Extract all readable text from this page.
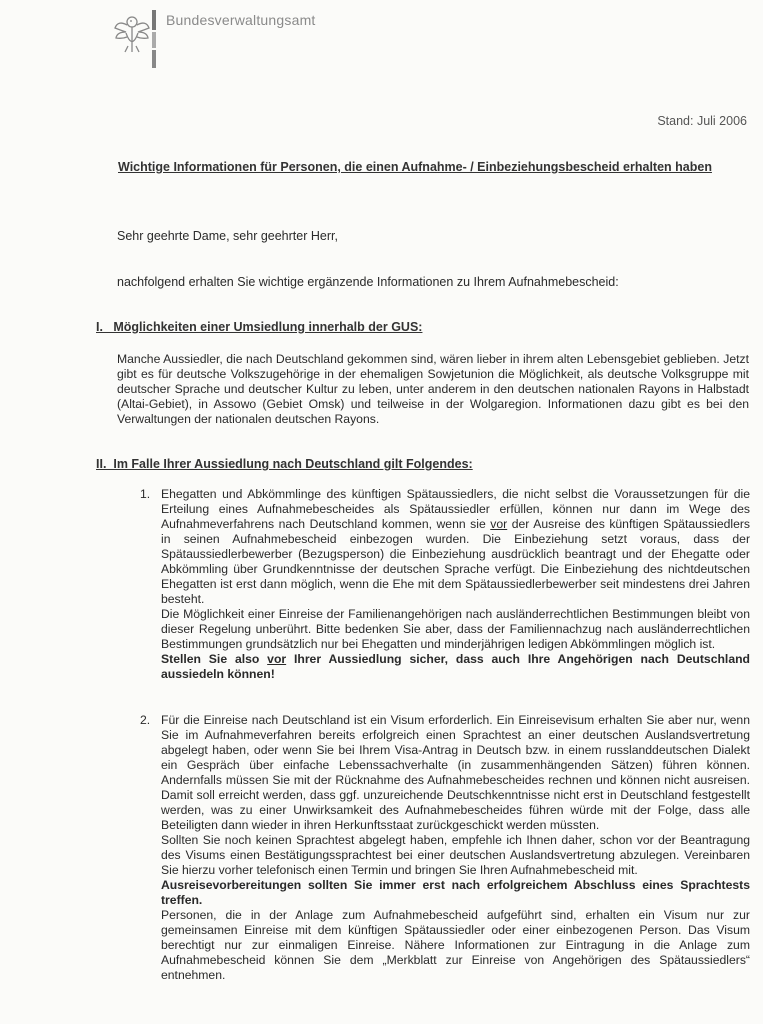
Bundesverwaltungsamt
Stand: Juli 2006
Wichtige Informationen für Personen, die einen Aufnahme- / Einbeziehungsbescheid erhalten haben
Sehr geehrte Dame, sehr geehrter Herr,
nachfolgend erhalten Sie wichtige ergänzende Informationen zu Ihrem Aufnahmebescheid:
I.   Möglichkeiten einer Umsiedlung innerhalb der GUS:
Manche Aussiedler, die nach Deutschland gekommen sind, wären lieber in ihrem alten Lebensgebiet geblieben. Jetzt gibt es für deutsche Volkszugehörige in der ehemaligen Sowjetunion die Möglichkeit, als deutsche Volksgruppe mit deutscher Sprache und deutscher Kultur zu leben, unter anderem in den deutschen nationalen Rayons in Halbstadt (Altai-Gebiet), in Assowo (Gebiet Omsk) und teilweise in der Wolgaregion. Informationen dazu gibt es bei den Verwaltungen der nationalen deutschen Rayons.
II.  Im Falle Ihrer Aussiedlung nach Deutschland gilt Folgendes:
1. Ehegatten und Abkömmlinge des künftigen Spätaussiedlers, die nicht selbst die Voraussetzungen für die Erteilung eines Aufnahmebescheides als Spätaussiedler erfüllen, können nur dann im Wege des Aufnahmeverfahrens nach Deutschland kommen, wenn sie vor der Ausreise des künftigen Spätaussiedlers in seinen Aufnahmebescheid einbezogen wurden. Die Einbeziehung setzt voraus, dass der Spätaussiedlerbewerber (Bezugsperson) die Einbeziehung ausdrücklich beantragt und der Ehegatte oder Abkömmling über Grundkenntnisse der deutschen Sprache verfügt. Die Einbeziehung des nichtdeutschen Ehegatten ist erst dann möglich, wenn die Ehe mit dem Spätaussiedlerbewerber seit mindestens drei Jahren besteht.

Die Möglichkeit einer Einreise der Familienangehörigen nach ausländerrechtlichen Bestimmungen bleibt von dieser Regelung unberührt. Bitte bedenken Sie aber, dass der Familiennachzug nach ausländerrechtlichen Bestimmungen grundsätzlich nur bei Ehegatten und minderjährigen ledigen Abkömmlingen möglich ist.

Stellen Sie also vor Ihrer Aussiedlung sicher, dass auch Ihre Angehörigen nach Deutschland aussiedeln können!

2. Für die Einreise nach Deutschland ist ein Visum erforderlich. Ein Einreisevisum erhalten Sie aber nur, wenn Sie im Aufnahmeverfahren bereits erfolgreich einen Sprachtest an einer deutschen Auslandsvertretung abgelegt haben, oder wenn Sie bei Ihrem Visa-Antrag in Deutsch bzw. in einem russlanddeutschen Dialekt ein Gespräch über einfache Lebenssachverhalte (in zusammenhängenden Sätzen) führen können. Andernfalls müssen Sie mit der Rücknahme des Aufnahmebescheides rechnen und können nicht ausreisen. Damit soll erreicht werden, dass ggf. unzureichende Deutschkenntnisse nicht erst in Deutschland festgestellt werden, was zu einer Unwirksamkeit des Aufnahmebescheides führen würde mit der Folge, dass alle Beteiligten dann wieder in ihren Herkunftsstaat zurückgeschickt werden müssten.

Sollten Sie noch keinen Sprachtest abgelegt haben, empfehle ich Ihnen daher, schon vor der Beantragung des Visums einen Bestätigungssprachtest bei einer deutschen Auslandsvertretung abzulegen. Vereinbaren Sie hierzu vorher telefonisch einen Termin und bringen Sie Ihren Aufnahmebescheid mit.

Ausreisevorbereitungen sollten Sie immer erst nach erfolgreichem Abschluss eines Sprachtests treffen.

Personen, die in der Anlage zum Aufnahmebescheid aufgeführt sind, erhalten ein Visum nur zur gemeinsamen Einreise mit dem künftigen Spätaussiedler oder einer einbezogenen Person. Das Visum berechtigt nur zur einmaligen Einreise. Nähere Informationen zur Eintragung in die Anlage zum Aufnahmebescheid können Sie dem „Merkblatt zur Einreise von Angehörigen des Spätaussiedlers“ entnehmen.
